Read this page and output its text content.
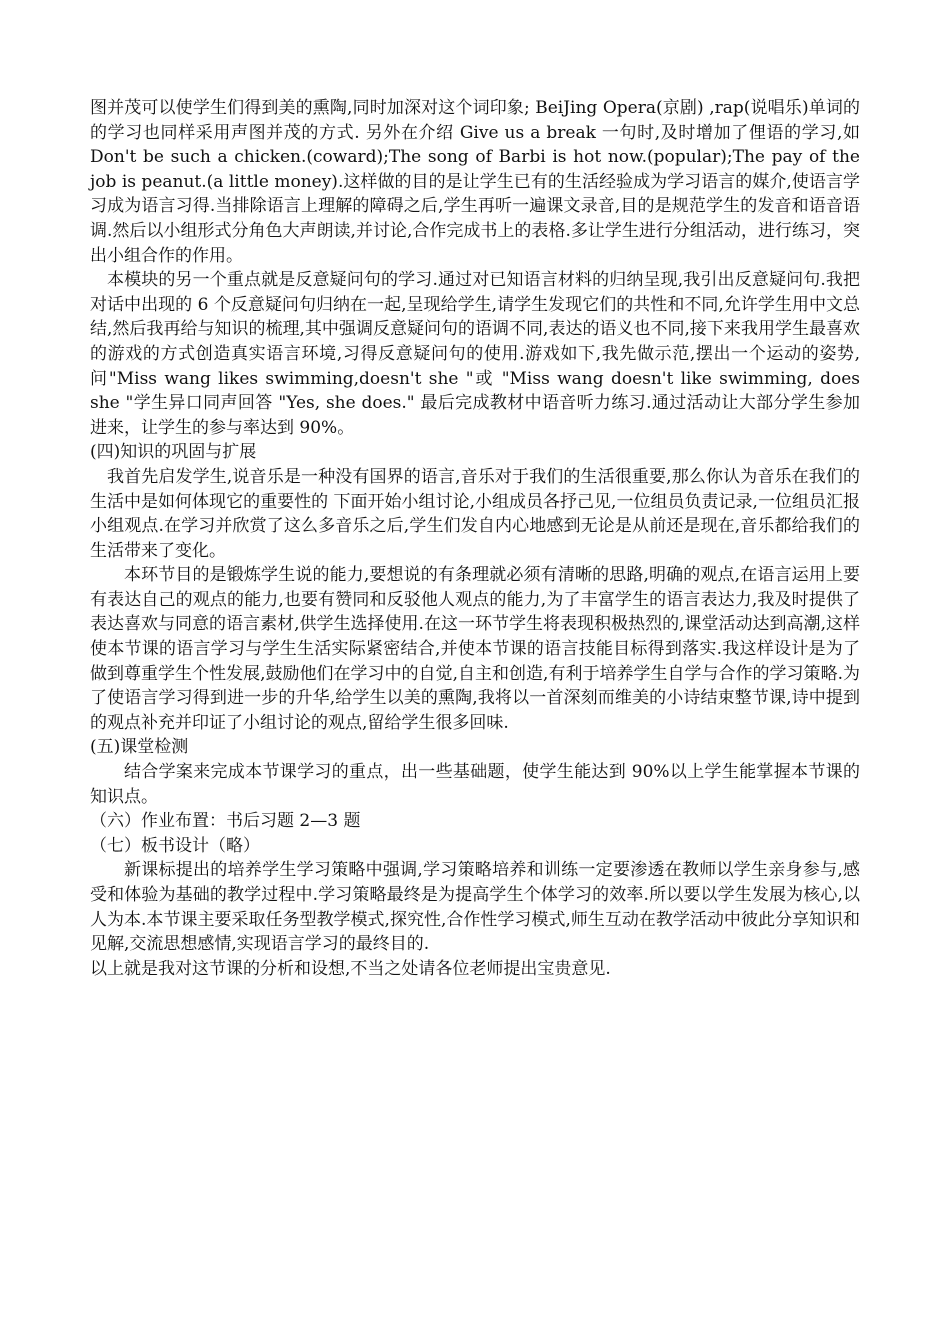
图并茂可以使学生们得到美的熏陶,同时加深对这个词印象; BeiJing Opera(京剧) ,rap(说唱乐)单词的的学习也同样采用声图并茂的方式. 另外在介绍 Give us a break 一句时,及时增加了俚语的学习,如 Don't be such a chicken.(coward);The song of Barbi is hot now.(popular);The pay of the job is peanut.(a little money).这样做的目的是让学生已有的生活经验成为学习语言的媒介,使语言学习成为语言习得.当排除语言上理解的障碍之后,学生再听一遍课文录音,目的是规范学生的发音和语音语调.然后以小组形式分角色大声朗读,并讨论,合作完成书上的表格.多让学生进行分组活动，进行练习，突出小组合作的作用。

本模块的另一个重点就是反意疑问句的学习.通过对已知语言材料的归纳呈现,我引出反意疑问句.我把对话中出现的 6 个反意疑问句归纳在一起,呈现给学生,请学生发现它们的共性和不同,允许学生用中文总结,然后我再给与知识的梳理,其中强调反意疑问句的语调不同,表达的语义也不同,接下来我用学生最喜欢的游戏的方式创造真实语言环境,习得反意疑问句的使用.游戏如下,我先做示范,摆出一个运动的姿势,问"Miss wang likes swimming,doesn't she "或 "Miss wang doesn't like swimming, does she "学生异口同声回答 "Yes, she does." 最后完成教材中语音听力练习.通过活动让大部分学生参加进来，让学生的参与率达到 90%。

(四)知识的巩固与扩展

我首先启发学生,说音乐是一种没有国界的语言,音乐对于我们的生活很重要,那么你认为音乐在我们的生活中是如何体现它的重要性的 下面开始小组讨论,小组成员各抒己见,一位组员负责记录,一位组员汇报小组观点.在学习并欣赏了这么多音乐之后,学生们发自内心地感到无论是从前还是现在,音乐都给我们的生活带来了变化。

本环节目的是锻炼学生说的能力,要想说的有条理就必须有清晰的思路,明确的观点,在语言运用上要有表达自己的观点的能力,也要有赞同和反驳他人观点的能力,为了丰富学生的语言表达力,我及时提供了表达喜欢与同意的语言素材,供学生选择使用.在这一环节学生将表现积极热烈的,课堂活动达到高潮,这样使本节课的语言学习与学生生活实际紧密结合,并使本节课的语言技能目标得到落实.我这样设计是为了做到尊重学生个性发展,鼓励他们在学习中的自觉,自主和创造,有利于培养学生自学与合作的学习策略.为了使语言学习得到进一步的升华,给学生以美的熏陶,我将以一首深刻而维美的小诗结束整节课,诗中提到的观点补充并印证了小组讨论的观点,留给学生很多回味.

(五)课堂检测

结合学案来完成本节课学习的重点，出一些基础题，使学生能达到 90%以上学生能掌握本节课的知识点。

（六）作业布置：书后习题 2—3 题

（七）板书设计（略）

新课标提出的培养学生学习策略中强调,学习策略培养和训练一定要渗透在教师以学生亲身参与,感受和体验为基础的教学过程中.学习策略最终是为提高学生个体学习的效率.所以要以学生发展为核心,以人为本.本节课主要采取任务型教学模式,探究性,合作性学习模式,师生互动在教学活动中彼此分享知识和见解,交流思想感情,实现语言学习的最终目的.

以上就是我对这节课的分析和设想,不当之处请各位老师提出宝贵意见.
